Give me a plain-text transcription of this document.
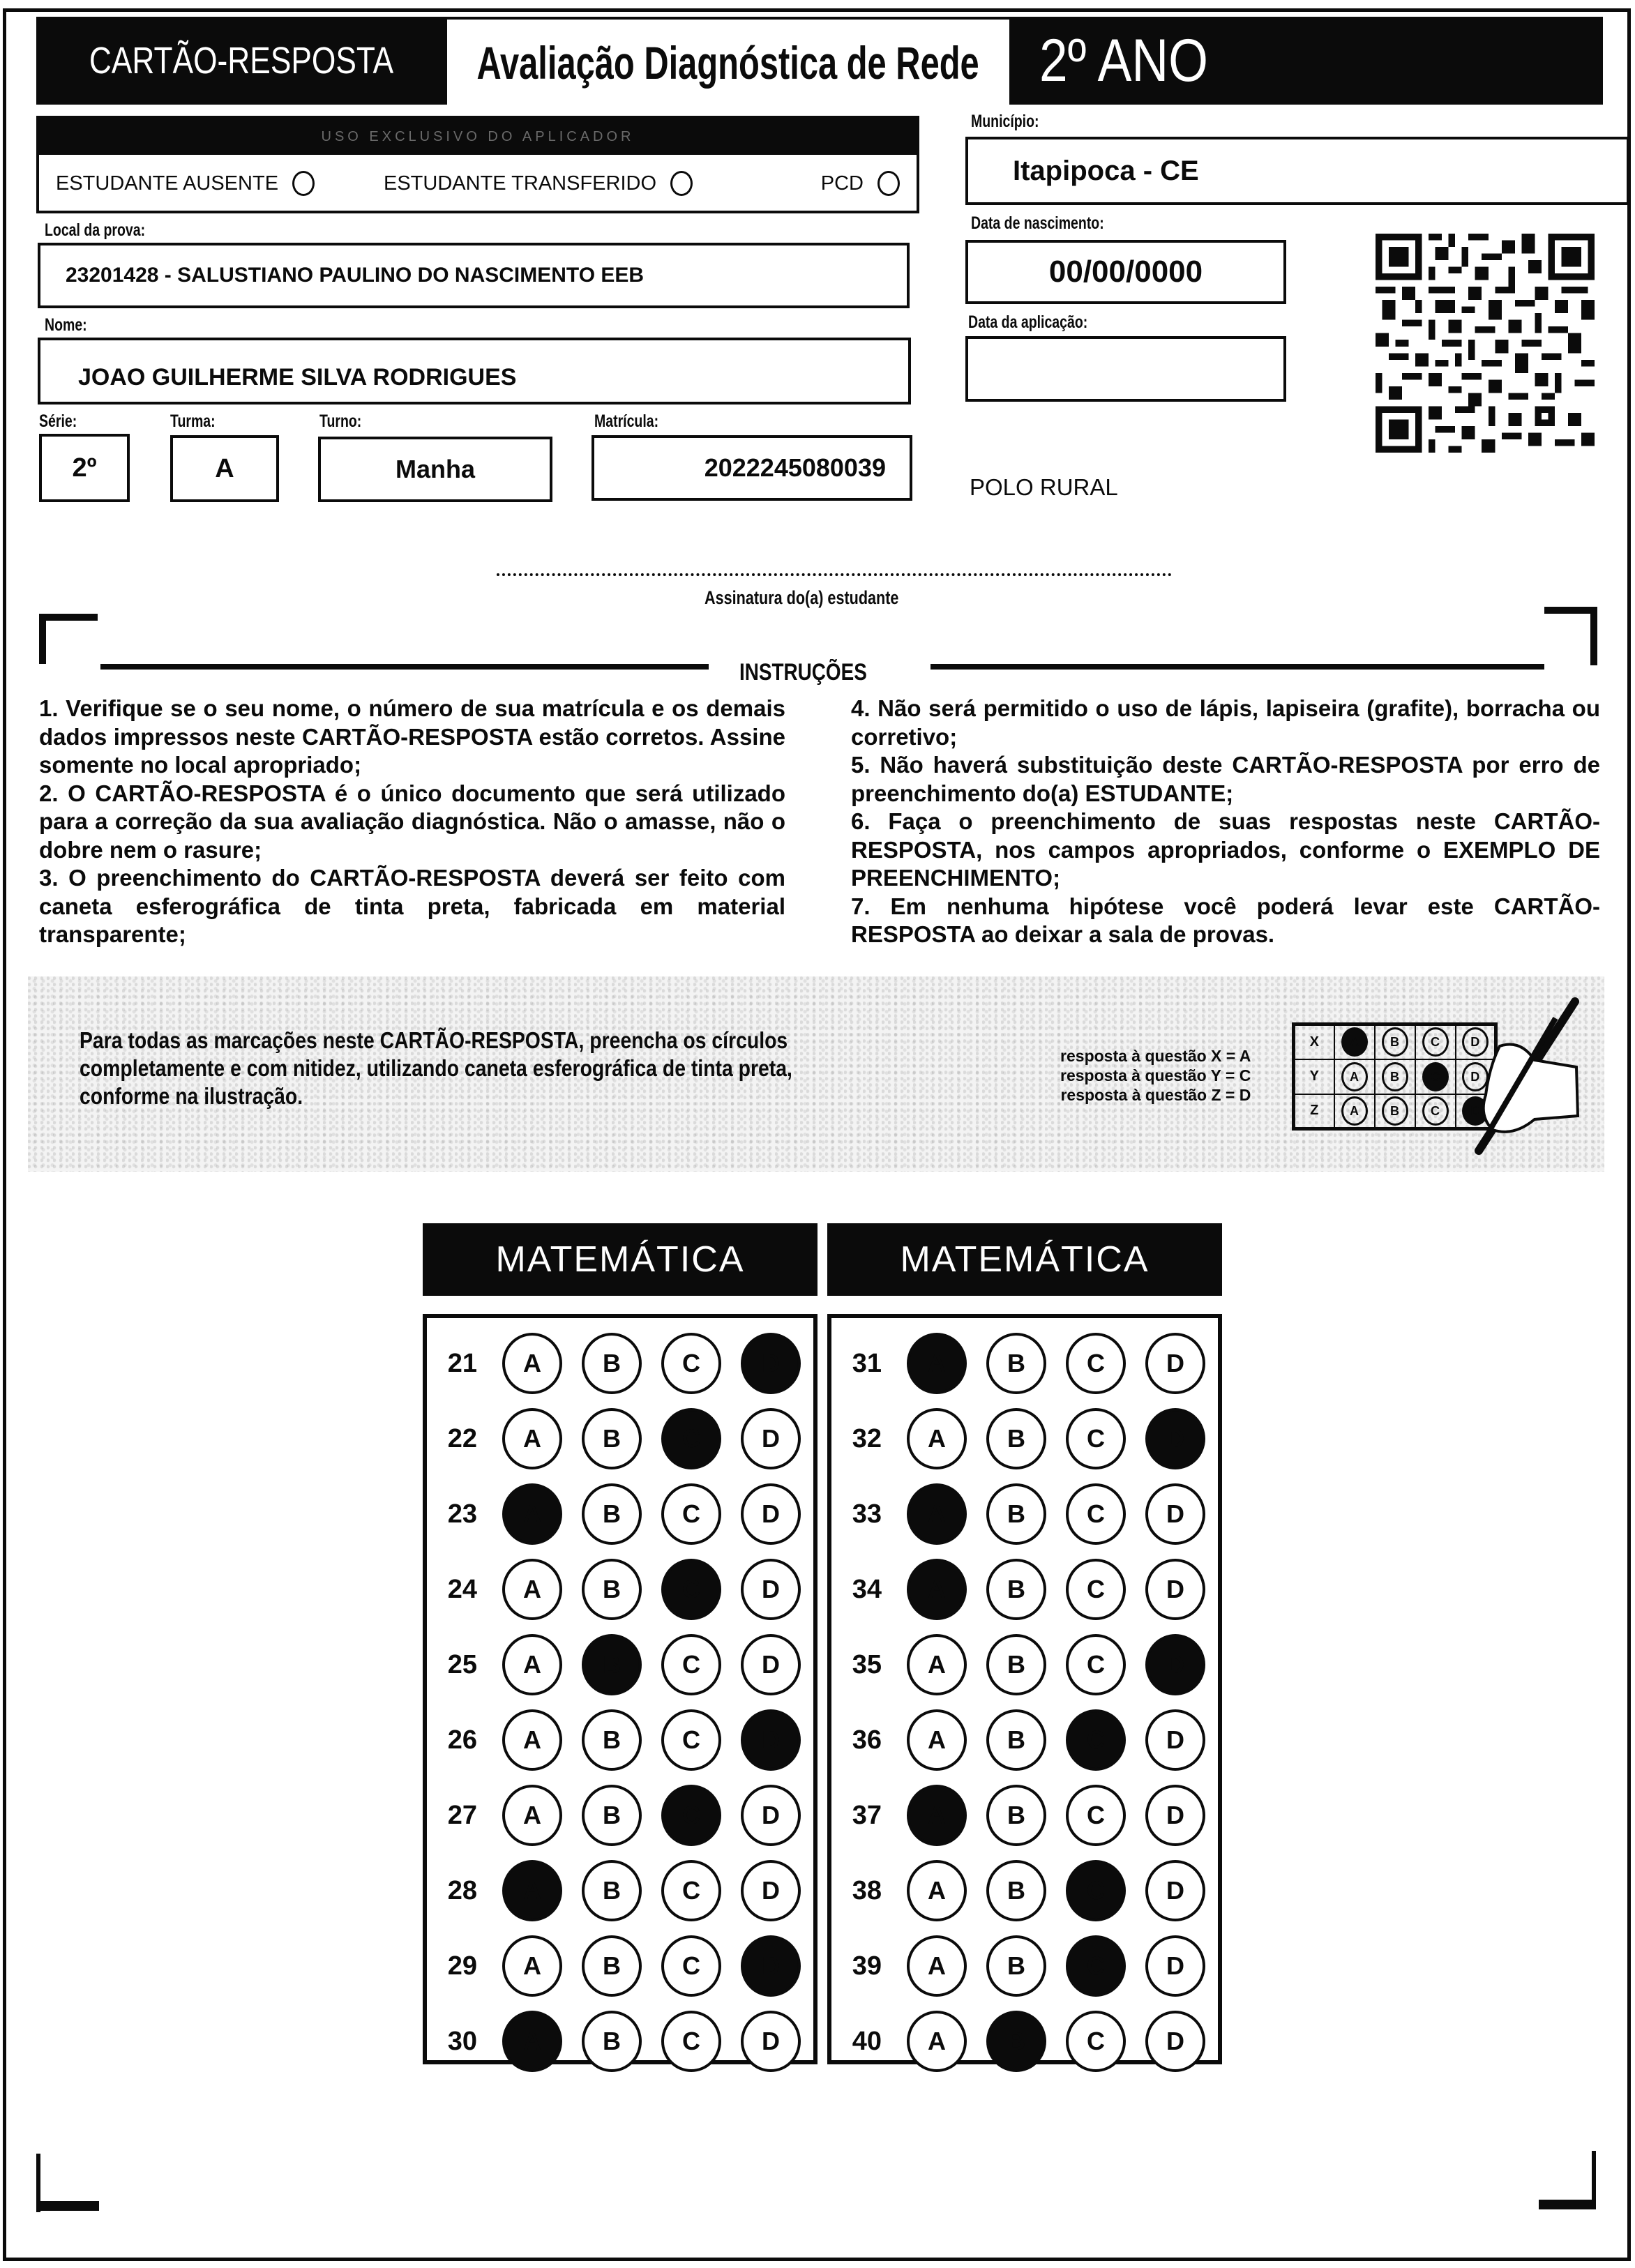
CARTÃO-RESPOSTA	Avaliação Diagnóstica de Rede 2º ANO
USO EXCLUSIVO DO APLICADOR
ESTUDANTE AUSENTE	ESTUDANTE TRANSFERIDO	PCD
Local da prova:
23201428 - SALUSTIANO PAULINO DO NASCIMENTO EEB
Nome:
JOAO GUILHERME SILVA RODRIGUES
Série:
2º
Turma:
A
Turno:
Manha
Matrícula:
2022245080039
Município:
Itapipoca - CE
Data de nascimento:
00/00/0000
Data da aplicação:
POLO RURAL
Assinatura do(a) estudante
INSTRUÇÕES

1. Verifique se o seu nome, o número de sua matrícula e os demais dados impressos neste CARTÃO-RESPOSTA estão corretos. Assine somente no local apropriado;

2. O CARTÃO-RESPOSTA é o único documento que será utilizado para a correção da sua avaliação diagnóstica. Não o amasse, não o dobre nem o rasure;

3. O preenchimento do CARTÃO-RESPOSTA deverá ser feito com caneta esferográfica de tinta preta, fabricada em material transparente;

4. Não será permitido o uso de lápis, lapiseira (grafite), borracha ou corretivo;

5. Não haverá substituição deste CARTÃO-RESPOSTA por erro de preenchimento do(a) ESTUDANTE;

6. Faça o preenchimento de suas respostas neste CARTÃO-RESPOSTA, nos campos apropriados, conforme o EXEMPLO DE PREENCHIMENTO;

7. Em nenhuma hipótese você poderá levar este CARTÃO-RESPOSTA ao deixar a sala de provas.

Para todas as marcações neste CARTÃO-RESPOSTA, preencha os círculos completamente e com nitidez, utilizando caneta esferográfica de tinta preta, conforme na ilustração.
resposta à questão X = A
resposta à questão Y = C
resposta à questão Z = D
X	A	B	C	D
Y	A	B	C	D
Z	A	B	C	D
MATEMÁTICA	MATEMÁTICA
21	A	B	C	D
22	A	B	C	D
23	A	B	C	D
24	A	B	C	D
25	A	B	C	D
26	A	B	C	D
27	A	B	C	D
28	A	B	C	D
29	A	B	C	D
30	A	B	C	D
31	A	B	C	D
32	A	B	C	D
33	A	B	C	D
34	A	B	C	D
35	A	B	C	D
36	A	B	C	D
37	A	B	C	D
38	A	B	C	D
39	A	B	C	D
40	A	B	C	D
